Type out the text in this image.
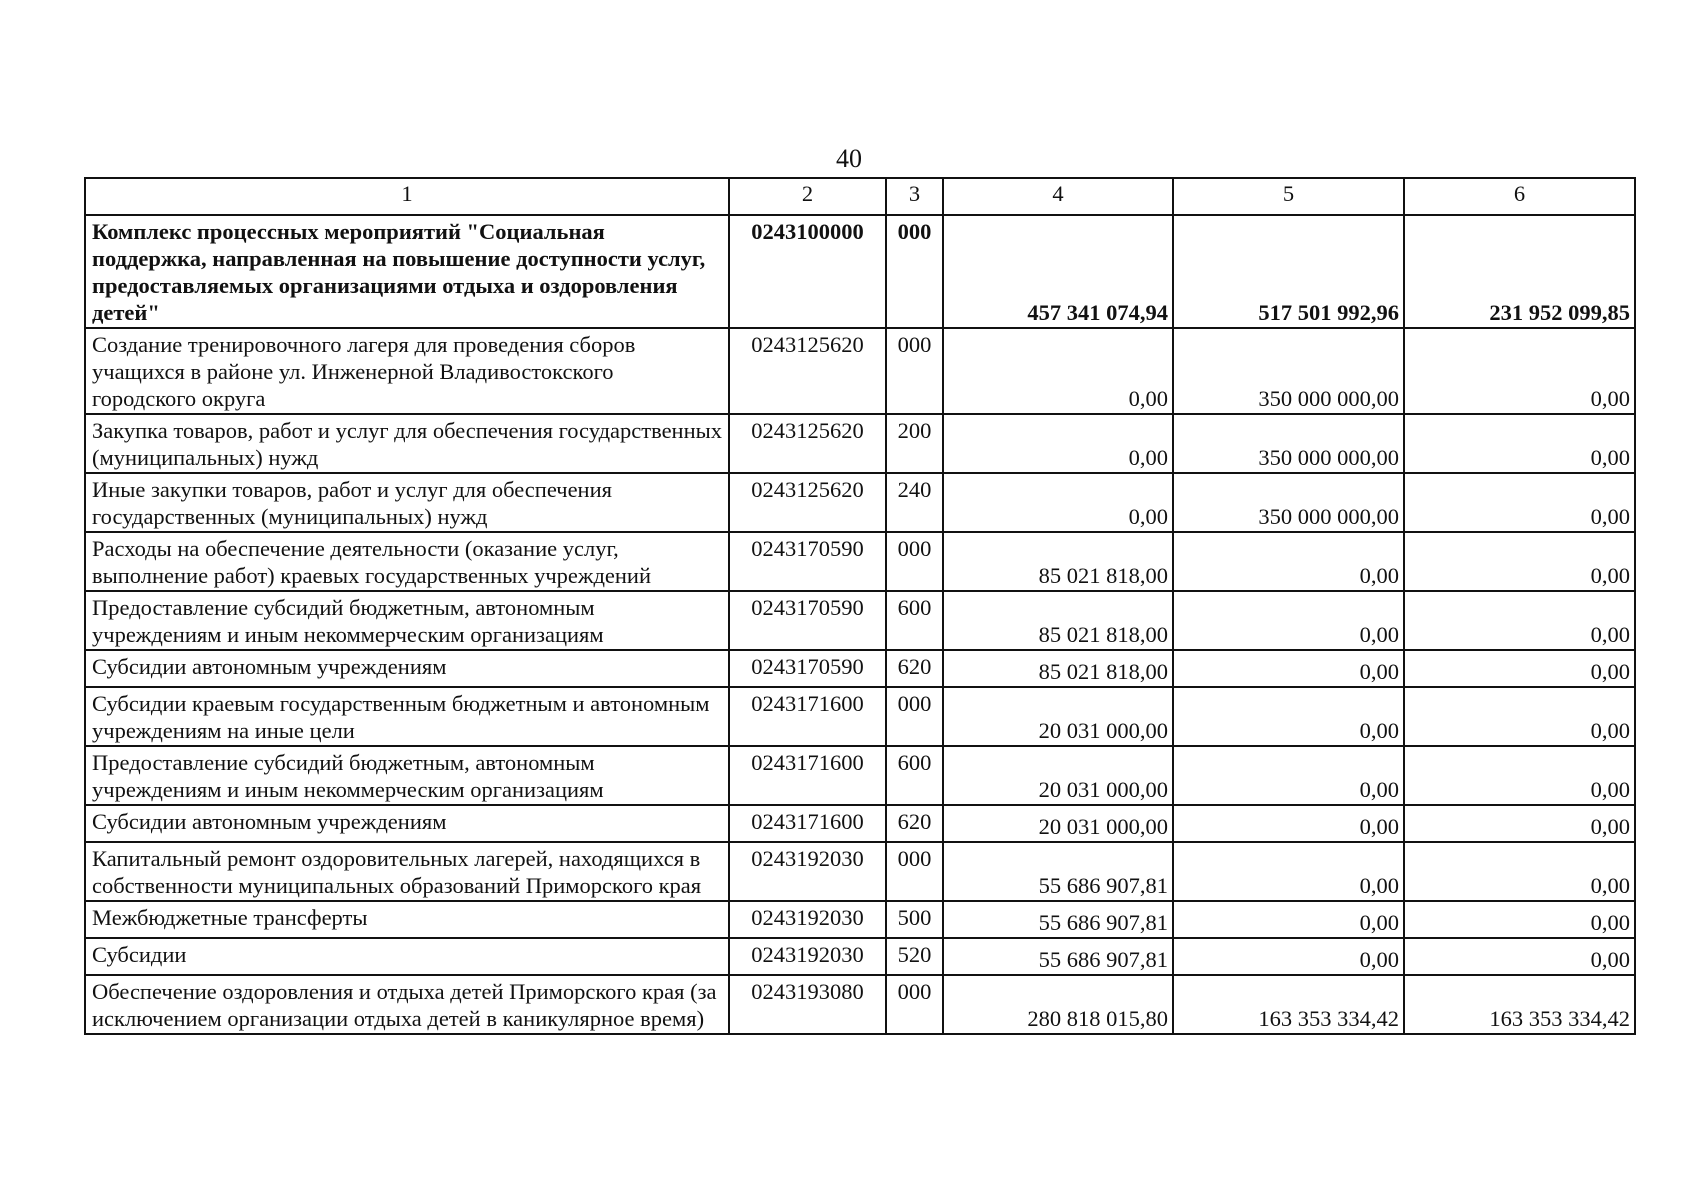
40
1	2	3	4	5	6
Комплекс процессных мероприятий "Социальная поддержка, направленная на повышение доступности услуг, предоставляемых организациями отдыха и оздоровления детей"	0243100000	000	457 341 074,94	517 501 992,96	231 952 099,85
Создание тренировочного лагеря для проведения сборов учащихся в районе ул. Инженерной Владивостокского городского округа	0243125620	000	0,00	350 000 000,00	0,00
Закупка товаров, работ и услуг для обеспечения государственных (муниципальных) нужд	0243125620	200	0,00	350 000 000,00	0,00
Иные закупки товаров, работ и услуг для обеспечения государственных (муниципальных) нужд	0243125620	240	0,00	350 000 000,00	0,00
Расходы на обеспечение деятельности (оказание услуг, выполнение работ) краевых государственных учреждений	0243170590	000	85 021 818,00	0,00	0,00
Предоставление субсидий бюджетным, автономным учреждениям и иным некоммерческим организациям	0243170590	600	85 021 818,00	0,00	0,00
Субсидии автономным учреждениям	0243170590	620	85 021 818,00	0,00	0,00
Субсидии краевым государственным бюджетным и автономным учреждениям на иные цели	0243171600	000	20 031 000,00	0,00	0,00
Предоставление субсидий бюджетным, автономным учреждениям и иным некоммерческим организациям	0243171600	600	20 031 000,00	0,00	0,00
Субсидии автономным учреждениям	0243171600	620	20 031 000,00	0,00	0,00
Капитальный ремонт оздоровительных лагерей, находящихся в собственности муниципальных образований Приморского края	0243192030	000	55 686 907,81	0,00	0,00
Межбюджетные трансферты	0243192030	500	55 686 907,81	0,00	0,00
Субсидии	0243192030	520	55 686 907,81	0,00	0,00
Обеспечение оздоровления и отдыха детей Приморского края (за исключением организации отдыха детей в каникулярное время)	0243193080	000	280 818 015,80	163 353 334,42	163 353 334,42
